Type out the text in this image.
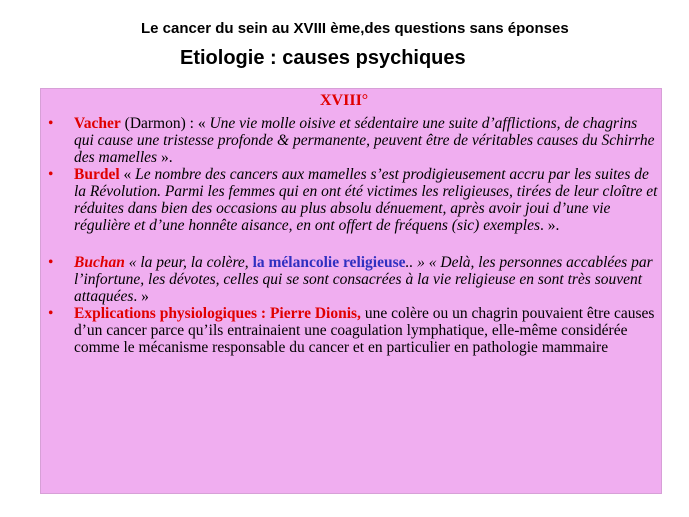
Le cancer du sein au XVIII ème,des questions sans éponses
Etiologie : causes psychiques
XVIII°
• Vacher (Darmon) : « Une vie molle oisive et sédentaire une suite d’afflictions, de chagrins qui cause une tristesse profonde & permanente, peuvent être de véritables causes du Schirrhe des mamelles ».
• Burdel « Le nombre des cancers aux mamelles s’est prodigieusement accru par les suites de la Révolution. Parmi les femmes qui en ont été victimes les religieuses, tirées de leur cloître et réduites dans bien des occasions au plus absolu dénuement, après avoir joui d’une vie régulière et d’une honnête aisance, en ont offert de fréquens (sic) exemples. ».
• Buchan « la peur, la colère, la mélancolie religieuse.. » « Delà, les personnes accablées par l’infortune, les dévotes, celles qui se sont consacrées à la vie religieuse en sont très souvent attaquées. »
• Explications physiologiques : Pierre Dionis, une colère ou un chagrin pouvaient être causes d’un cancer parce qu’ils entrainaient une coagulation lymphatique, elle-même considérée comme le mécanisme responsable du cancer et en particulier en pathologie mammaire
